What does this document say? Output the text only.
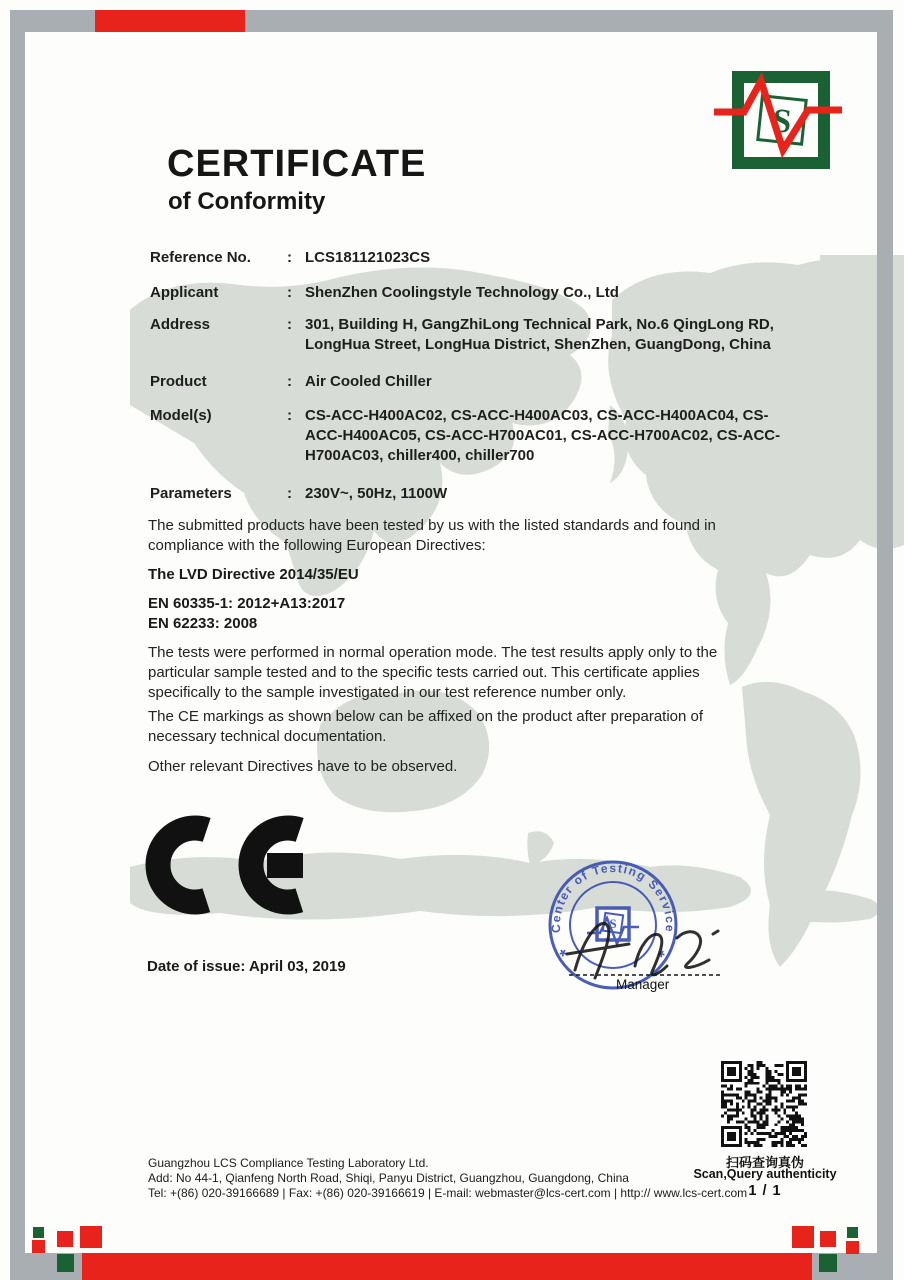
S
CERTIFICATE
of Conformity
Reference No.	: LCS181121023CS
Applicant	: ShenZhen Coolingstyle Technology Co., Ltd
Address	: 301, Building H, GangZhiLong Technical Park, No.6 QingLong RD, LongHua Street, LongHua District, ShenZhen, GuangDong, China
Product	: Air Cooled Chiller
Model(s)	: CS-ACC-H400AC02, CS-ACC-H400AC03, CS-ACC-H400AC04, CS-ACC-H400AC05, CS-ACC-H700AC01, CS-ACC-H700AC02, CS-ACC-H700AC03, chiller400, chiller700
Parameters	: 230V~, 50Hz, 1100W
The submitted products have been tested by us with the listed standards and found in compliance with the following European Directives:
The LVD Directive 2014/35/EU
EN 60335-1: 2012+A13:2017
EN 62233: 2008
The tests were performed in normal operation mode. The test results apply only to the particular sample tested and to the specific tests carried out. This certificate applies specifically to the sample investigated in our test reference number only.
The CE markings as shown below can be affixed on the product after preparation of necessary technical documentation.
Other relevant Directives have to be observed.
Date of issue: April 03, 2019
Center of Testing Service
*	*
S
Manager
Guangzhou LCS Compliance Testing Laboratory Ltd.
Add: No 44-1, Qianfeng North Road, Shiqi, Panyu District, Guangzhou, Guangdong, China
Tel: +(86) 020-39166689 | Fax: +(86) 020-39166619 | E-mail: webmaster@lcs-cert.com | http:// www.lcs-cert.com
扫码查询真伪
Scan,Query authenticity
1 / 1
